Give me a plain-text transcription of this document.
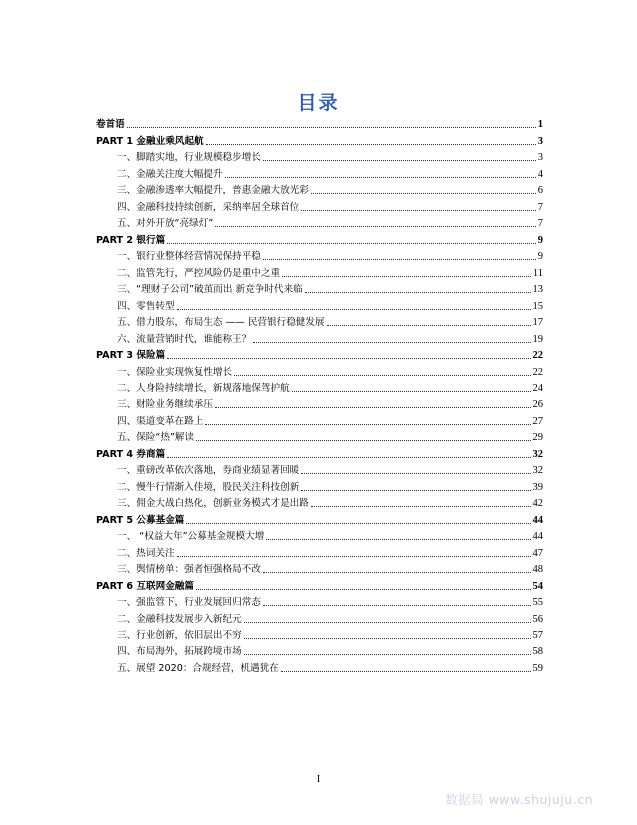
目录
卷首语	1
PART 1 金融业乘风起航	3
一、脚踏实地，行业规模稳步增长	3
二、金融关注度大幅提升	4
三、金融渗透率大幅提升，普惠金融大放光彩	6
四、金融科技持续创新，采纳率居全球首位	7
五、对外开放“亮绿灯”	7
PART 2 银行篇	9
一、银行业整体经营情况保持平稳	9
二、监管先行，严控风险仍是重中之重	11
三、“理财子公司”破茧而出 新竞争时代来临	13
四、零售转型	15
五、借力股东，布局生态 —— 民营银行稳健发展	17
六、流量营销时代，谁能称王？	19
PART 3 保险篇	22
一、保险业实现恢复性增长	22
二、人身险持续增长，新规落地保驾护航	24
三、财险业务继续承压	26
四、渠道变革在路上	27
五、保险“热”解读	29
PART 4 券商篇	32
一、重磅改革依次落地，券商业绩显著回暖	32
二、慢牛行情渐入佳境，股民关注科技创新	39
三、佣金大战白热化，创新业务模式才是出路	42
PART 5 公募基金篇	44
一、 “权益大年”公募基金规模大增	44
二、热词关注	47
三、舆情榜单：强者恒强格局不改	48
PART 6 互联网金融篇	54
一、强监管下，行业发展回归常态	55
二、金融科技发展步入新纪元	56
三、行业创新，依旧层出不穷	57
四、布局海外，拓展跨境市场	58
五、展望 2020：合规经营，机遇犹在	59
I
数据局 www.shujuju.cn
